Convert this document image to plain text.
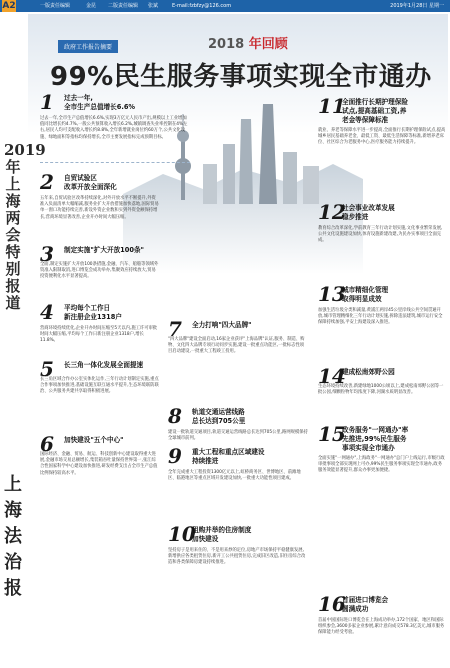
A2	一版责任编辑	金昆 二版责任编辑 张斌	E-mail:fzbfzy@126.com	2019年1月28日 星期一
2019年上海两会特别报道
上海法治报
2018 年回顾
政府工作报告摘要
99%民生服务事项实现全市通办
1 过去一年,
全市生产总值增长6.6%
过去一年,全市生产总值增长6.6%,实现3万亿元人民币产出,规模以上工业增加值同比增长约4.7%,一般公共预算收入增长6.2%,城镇调查失业率控制在4%左右,居民人均可支配收入增长约8.8%,全年新增就业岗位约60万个,公共文化设施、绿地面积等指标均保持增长,全市主要发展指标完成预期目标。
2 自贸试验区
改革开放全面深化
五年来,自贸试验区改革持续深化,对外开放水平不断提升,外资准入负面清单大幅缩减,服务业扩大开放措施加快落地,国际贸易单一窗口功能持续完善,新设外资企业数和实到外资金额保持增长,营商环境显著改善,企业开办时间大幅压缩。
3 制定实施"扩大开放100条"
全面,制定实施扩大开放100条措施,金融、汽车、船舶等领域外资准入限制取消,进口博览会成功举办,集聚效应持续放大,贸易投资便利化水平显著提高。
4 平均每个工作日
新注册企业1318户
营商环境持续优化,企业开办时间压缩至5天以内,施工许可审批时间大幅压缩,平均每个工作日新注册企业1318户,增长11.8%。
5 长三角一体化发展全面提速
长三角区域合作办公室实体化运作,三年行动计划制定实施,重点合作事项加快推进,基础设施互联互通水平提升,生态环境联防联治、公共服务共建共享取得积极进展。
6 加快建设"五个中心"
国际经济、金融、贸易、航运、科技创新中心建设取得重大进展,金融市场交易总额增长,集装箱吞吐量保持世界第一,张江综合性国家科学中心建设加快推进,研发经费支出占全市生产总值比例保持较高水平。
7 全力打响"四大品牌"
"四大品牌"建设全面启动,16家企业获评"上海品牌"认证,服务、制造、购物、文化四大品牌专项行动同步实施,建设一批重点功能区,一批标志性项目启动建设,一批重大工程竣工投用。
8 轨道交通运营线路
总长达到705公里
建设一批轨道交通项目,轨道交通运营线路总长达到705公里,路网规模保持全球城市前列。
9 重大工程和重点区域建设
持续推进
全年完成重大工程投资1300亿元以上,虹桥商务区、世博地区、前滩地区、临港地区等重点区域开发建设加快,一批重大功能性项目建成。
10
租购并举的住房制度
加快建设
坚持房子是用来住的、不是用来炒的定位,房地产市场保持平稳健康发展,新增供应各类租赁住房,新开工公共租赁住房,完成旧区改造,旧住房综合改造和各类保障房建设持续推进。
11
全面推行长期护理保险
试点,提高基础工资,养
老金等保障标准
就业、养老等保障水平进一步提高,全面推行长期护理保险试点,提高城乡居民基础养老金、最低工资、最低生活保障等标准,新增养老床位、社区综合为老服务中心,医疗服务能力持续提升。
12
社会事业改革发展
稳步推进
教育综合改革深化,学前教育三年行动计划实施,文化事业繁荣发展,公共文化设施建设加快,体育设施新建改建,为民办实事项目全面完成。
13
城市精细化管理
取得明显成效
加强生活垃圾分类和减量,黄浦江两岸45公里岸线公共空间贯通开放,城市管理精细化三年行动计划实施,拆除违法建筑,城市运行安全保障持续加强,平安上海建设深入推进。
14
建成松南郊野公园
生态环境持续改善,新建绿地1000公顷以上,建成松南郊野公园等一批公园,细颗粒物年均浓度下降,河湖水质明显改善。
15
政务服务"一网通办"率
先推进,99%民生服务
事项实现全市通办
全面实施"一网通办",上海政务"一网通办"总门户上线运行,市级行政审批事项全部实现网上可办,99%民生服务事项实现全市通办,政务服务效能显著提升,群众办事更加便捷。
16
首届进口博览会
圆满成功
首届中国国际进口博览会在上海成功举办,172个国家、地区和国际组织参会,3600多家企业参展,累计意向成交578.3亿美元,城市服务保障能力经受考验。
